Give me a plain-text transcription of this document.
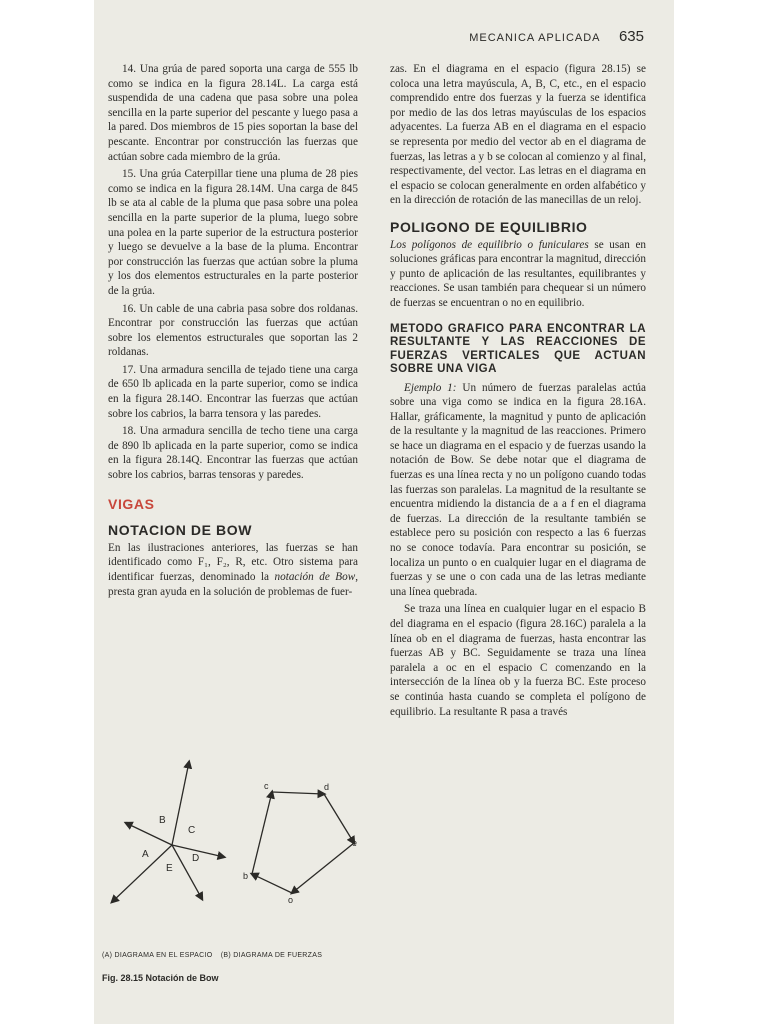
MECANICA APLICADA 635

14. Una grúa de pared soporta una carga de 555 lb como se indica en la figura 28.14L. La carga está suspendida de una cadena que pasa sobre una polea sencilla en la parte superior del pescante y luego pasa a la pared. Dos miembros de 15 pies soportan la base del pescante. Encontrar por construcción las fuerzas que actúan sobre cada miembro de la grúa.

15. Una grúa Caterpillar tiene una pluma de 28 pies como se indica en la figura 28.14M. Una carga de 845 lb se ata al cable de la pluma que pasa sobre una polea sencilla en la parte superior de la pluma, luego sobre una polea en la parte superior de la estructura posterior y luego se devuelve a la base de la pluma. Encontrar por construcción las fuerzas que actúan sobre la pluma y los dos elementos estructurales en la parte posterior de la grúa.

16. Un cable de una cabria pasa sobre dos roldanas. Encontrar por construcción las fuerzas que actúan sobre los elementos estructurales que soportan las 2 roldanas.

17. Una armadura sencilla de tejado tiene una carga de 650 lb aplicada en la parte superior, como se indica en la figura 28.14O. Encontrar las fuerzas que actúan sobre los cabrios, la barra tensora y las paredes.

18. Una armadura sencilla de techo tiene una carga de 890 lb aplicada en la parte superior, como se indica en la figura 28.14Q. Encontrar las fuerzas que actúan sobre los cabrios, barras tensoras y paredes.

VIGAS
NOTACION DE BOW

En las ilustraciones anteriores, las fuerzas se han identificado como F₁, F₂, R, etc. Otro sistema para identificar fuerzas, denominado la notación de Bow, presta gran ayuda en la solución de problemas de fuer-

A
B
C
D
E
b
c	d
e
o
(A) DIAGRAMA EN EL ESPACIO (B) DIAGRAMA DE FUERZAS
Fig. 28.15 Notación de Bow

zas. En el diagrama en el espacio (figura 28.15) se coloca una letra mayúscula, A, B, C, etc., en el espacio comprendido entre dos fuerzas y la fuerza se identifica por medio de las dos letras mayúsculas de los espacios adyacentes. La fuerza AB en el diagrama en el espacio se representa por medio del vector ab en el diagrama de fuerzas, las letras a y b se colocan al comienzo y al final, respectivamente, del vector. Las letras en el diagrama en el espacio se colocan generalmente en orden alfabético y en la dirección de rotación de las manecillas de un reloj.

POLIGONO DE EQUILIBRIO

Los polígonos de equilibrio o funiculares se usan en soluciones gráficas para encontrar la magnitud, dirección y punto de aplicación de las resultantes, equilibrantes y reacciones. Se usan también para chequear si un número de fuerzas se encuentran o no en equilibrio.

METODO GRAFICO PARA ENCONTRAR LA RESULTANTE Y LAS REACCIONES DE FUERZAS VERTICALES QUE ACTUAN SOBRE UNA VIGA

Ejemplo 1: Un número de fuerzas paralelas actúa sobre una viga como se indica en la figura 28.16A. Hallar, gráficamente, la magnitud y punto de aplicación de la resultante y la magnitud de las reacciones. Primero se hace un diagrama en el espacio y de fuerzas usando la notación de Bow. Se debe notar que el diagrama de fuerzas es una línea recta y no un polígono cuando todas las fuerzas son paralelas. La magnitud de la resultante se encuentra midiendo la distancia de a a f en el diagrama de fuerzas. La dirección de la resultante también se establece pero su posición con respecto a las 6 fuerzas no se conoce todavía. Para encontrar su posición, se localiza un punto o en cualquier lugar en el diagrama de fuerzas y se une o con cada una de las letras mediante una línea quebrada.

Se traza una línea en cualquier lugar en el espacio B del diagrama en el espacio (figura 28.16C) paralela a la línea ob en el diagrama de fuerzas, hasta encontrar las fuerzas AB y BC. Seguidamente se traza una línea paralela a oc en el espacio C comenzando en la intersección de la línea ob y la fuerza BC. Este proceso se continúa hasta cuando se completa el polígono de equilibrio. La resultante R pasa a través
